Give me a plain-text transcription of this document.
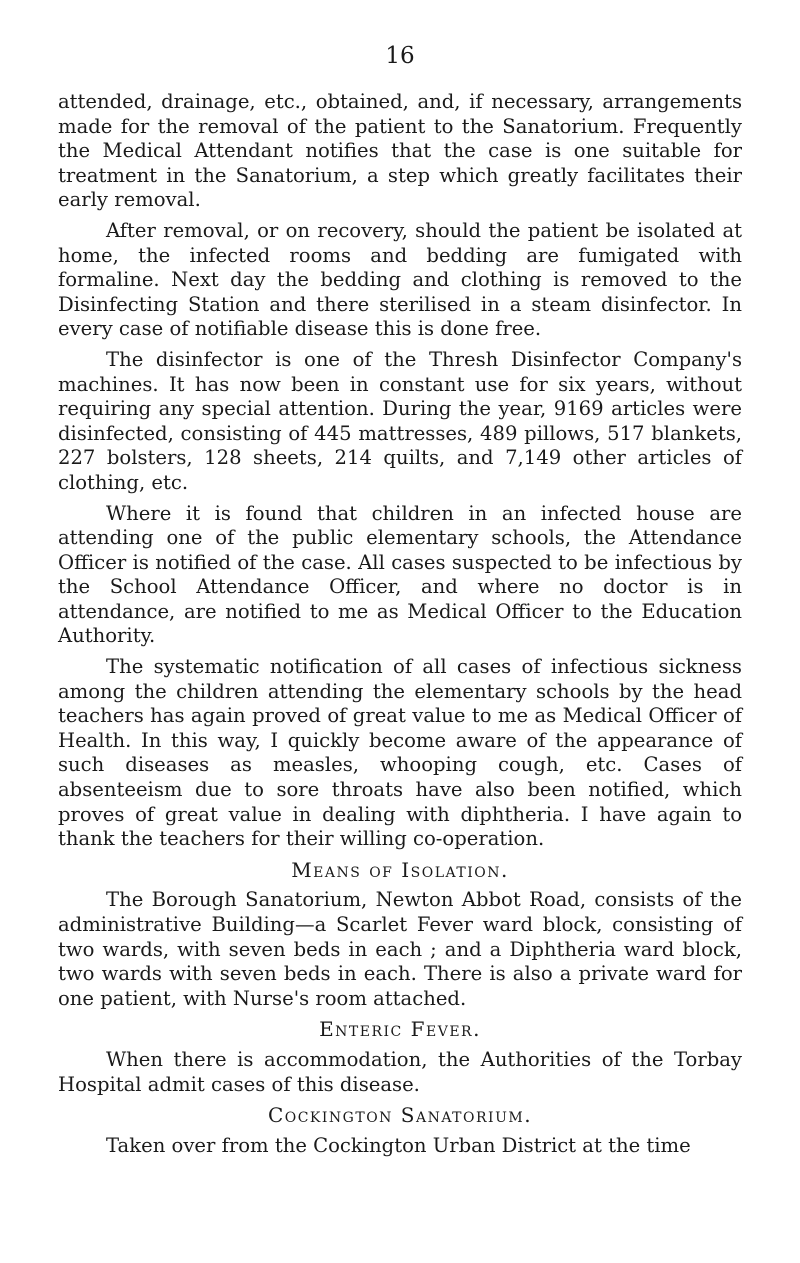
16

attended, drainage, etc., obtained, and, if necessary, arrangements made for the removal of the patient to the Sanatorium. Frequently the Medical Attendant notifies that the case is one suitable for treatment in the Sanatorium, a step which greatly facilitates their early removal.

After removal, or on recovery, should the patient be isolated at home, the infected rooms and bedding are fumigated with formaline. Next day the bedding and clothing is removed to the Disinfecting Station and there sterilised in a steam disinfector. In every case of notifiable disease this is done free.

The disinfector is one of the Thresh Disinfector Company's machines. It has now been in constant use for six years, without requiring any special attention. During the year, 9169 articles were disinfected, consisting of 445 mattresses, 489 pillows, 517 blankets, 227 bolsters, 128 sheets, 214 quilts, and 7,149 other articles of clothing, etc.

Where it is found that children in an infected house are attending one of the public elementary schools, the Attendance Officer is notified of the case. All cases suspected to be infectious by the School Attendance Officer, and where no doctor is in attendance, are notified to me as Medical Officer to the Education Authority.

The systematic notification of all cases of infectious sickness among the children attending the elementary schools by the head teachers has again proved of great value to me as Medical Officer of Health. In this way, I quickly become aware of the appearance of such diseases as measles, whooping cough, etc. Cases of absenteeism due to sore throats have also been notified, which proves of great value in dealing with diphtheria. I have again to thank the teachers for their willing co-operation.

Means of Isolation.

The Borough Sanatorium, Newton Abbot Road, consists of the administrative Building—a Scarlet Fever ward block, consisting of two wards, with seven beds in each ; and a Diphtheria ward block, two wards with seven beds in each. There is also a private ward for one patient, with Nurse's room attached.

Enteric Fever.

When there is accommodation, the Authorities of the Torbay Hospital admit cases of this disease.

Cockington Sanatorium.

Taken over from the Cockington Urban District at the time
